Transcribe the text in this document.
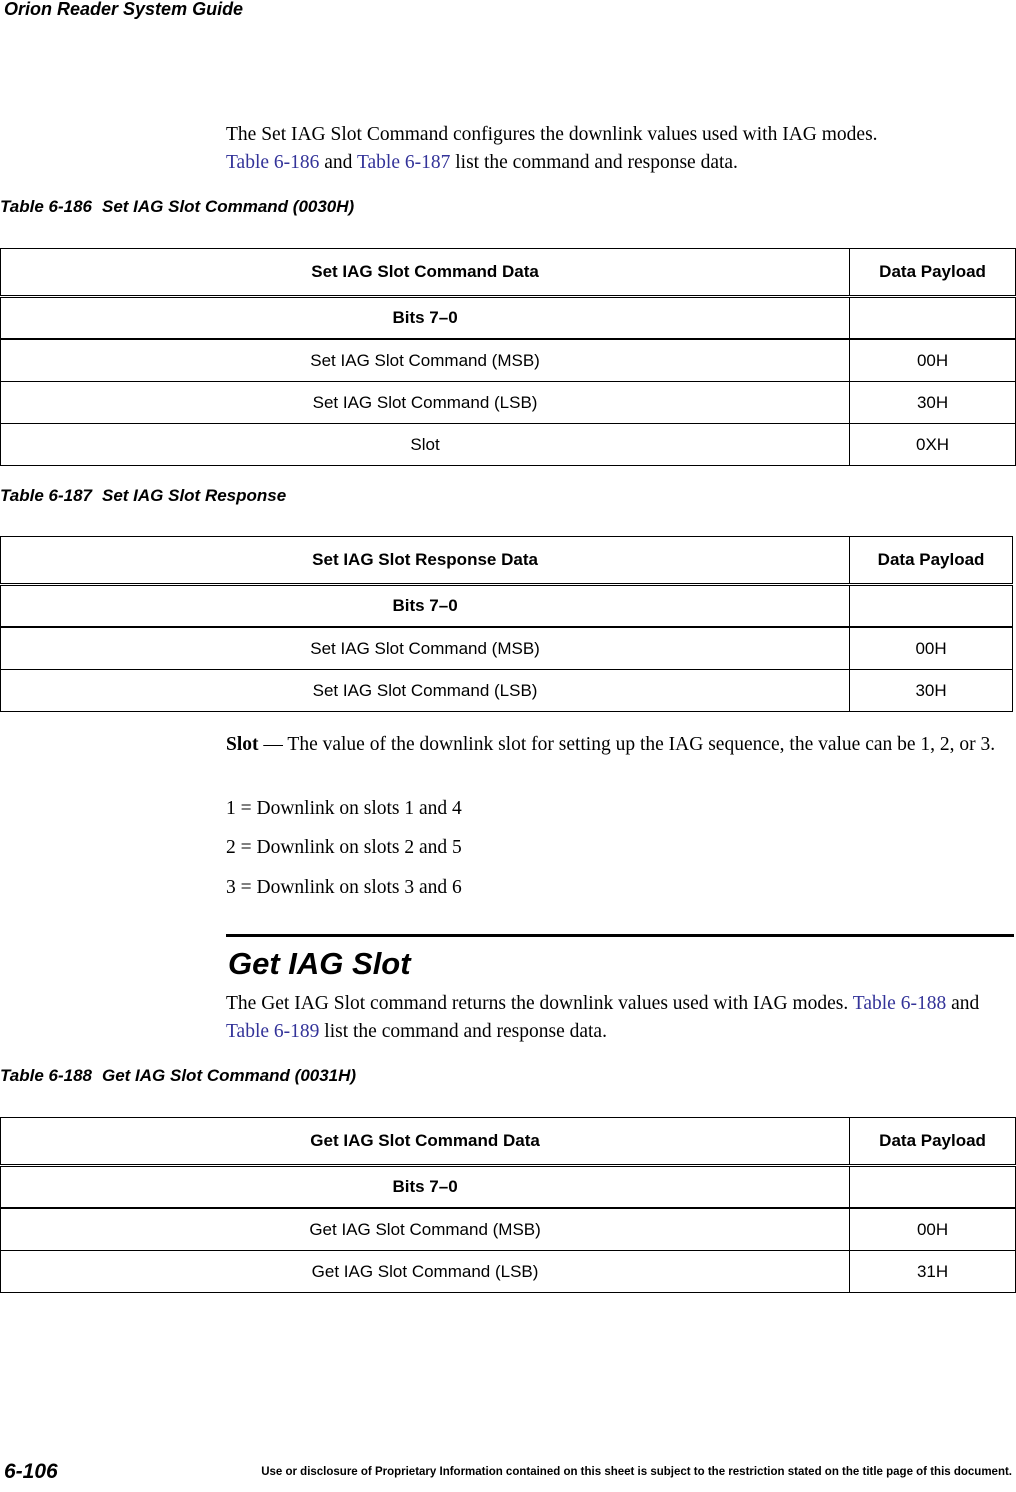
Orion Reader System Guide
The Set IAG Slot Command configures the downlink values used with IAG modes.
Table 6-186 and Table 6-187 list the command and response data.
Table 6-186 Set IAG Slot Command (0030H)
Set IAG Slot Command Data	Data Payload
Bits 7–0	
Set IAG Slot Command (MSB)	00H
Set IAG Slot Command (LSB)	30H
Slot	0XH
Table 6-187 Set IAG Slot Response
Set IAG Slot Response Data	Data Payload
Bits 7–0	
Set IAG Slot Command (MSB)	00H
Set IAG Slot Command (LSB)	30H
Slot — The value of the downlink slot for setting up the IAG sequence, the value can be 1, 2, or 3.
1 = Downlink on slots 1 and 4
2 = Downlink on slots 2 and 5
3 = Downlink on slots 3 and 6
Get IAG Slot
The Get IAG Slot command returns the downlink values used with IAG modes. Table 6-188 and Table 6-189 list the command and response data.
Table 6-188 Get IAG Slot Command (0031H)
Get IAG Slot Command Data	Data Payload
Bits 7–0	
Get IAG Slot Command (MSB)	00H
Get IAG Slot Command (LSB)	31H
6-106	Use or disclosure of Proprietary Information contained on this sheet is subject to the restriction stated on the title page of this document.
